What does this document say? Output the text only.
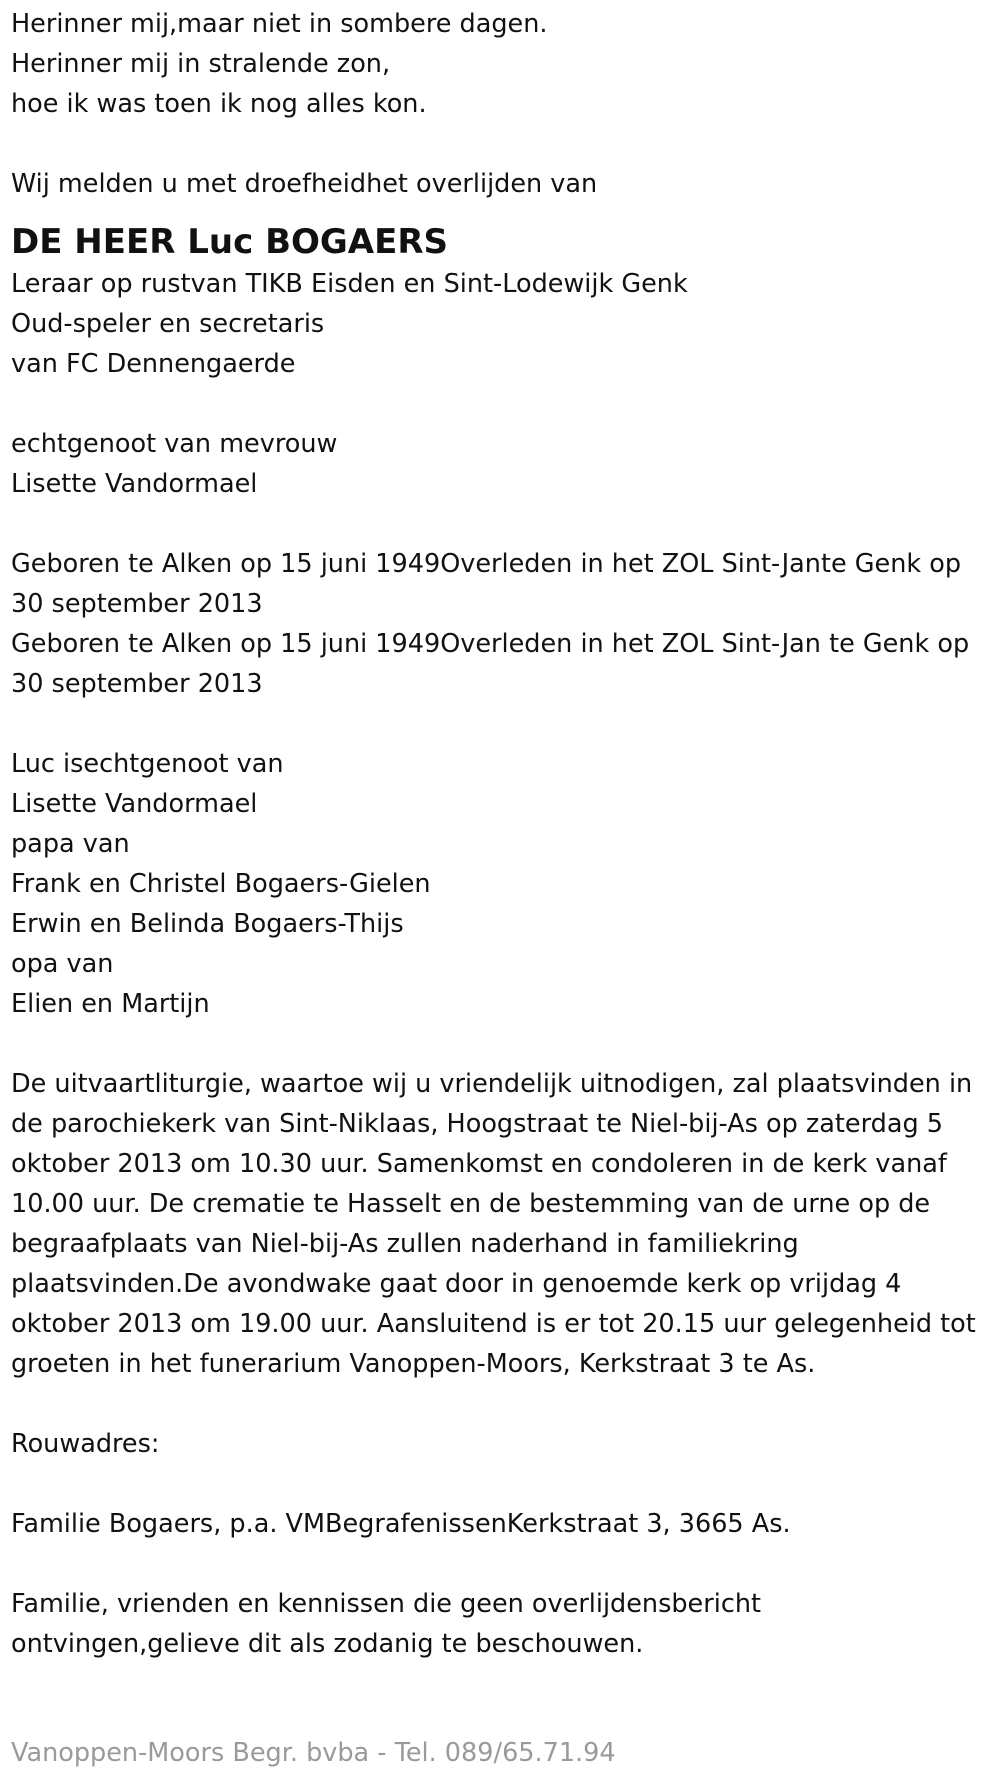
Herinner mij,maar niet in sombere dagen.
Herinner mij in stralende zon,
hoe ik was toen ik nog alles kon.
Wij melden u met droefheidhet overlijden van
DE HEER Luc BOGAERS
Leraar op rustvan TIKB Eisden en Sint-Lodewijk Genk
Oud-speler en secretaris
van FC Dennengaerde
echtgenoot van mevrouw
Lisette Vandormael
Geboren te Alken op 15 juni 1949Overleden in het ZOL Sint-Jante Genk op 30 september 2013
Geboren te Alken op 15 juni 1949Overleden in het ZOL Sint-Jan te Genk op 30 september 2013
Luc isechtgenoot van
Lisette Vandormael
papa van
Frank en Christel Bogaers-Gielen
Erwin en Belinda Bogaers-Thijs
opa van
Elien en Martijn
De uitvaartliturgie, waartoe wij u vriendelijk uitnodigen, zal plaatsvinden in de parochiekerk van Sint-Niklaas, Hoogstraat te Niel-bij-As op zaterdag 5 oktober 2013 om 10.30 uur. Samenkomst en condoleren in de kerk vanaf 10.00 uur. De crematie te Hasselt en de bestemming van de urne op de begraafplaats van Niel-bij-As zullen naderhand in familiekring plaatsvinden.De avondwake gaat door in genoemde kerk op vrijdag 4 oktober 2013 om 19.00 uur. Aansluitend is er tot 20.15 uur gelegenheid tot groeten in het funerarium Vanoppen-Moors, Kerkstraat 3 te As.
Rouwadres:
Familie Bogaers, p.a. VMBegrafenissenKerkstraat 3, 3665 As.
Familie, vrienden en kennissen die geen overlijdensbericht
ontvingen,gelieve dit als zodanig te beschouwen.
Vanoppen-Moors Begr. bvba - Tel. 089/65.71.94
